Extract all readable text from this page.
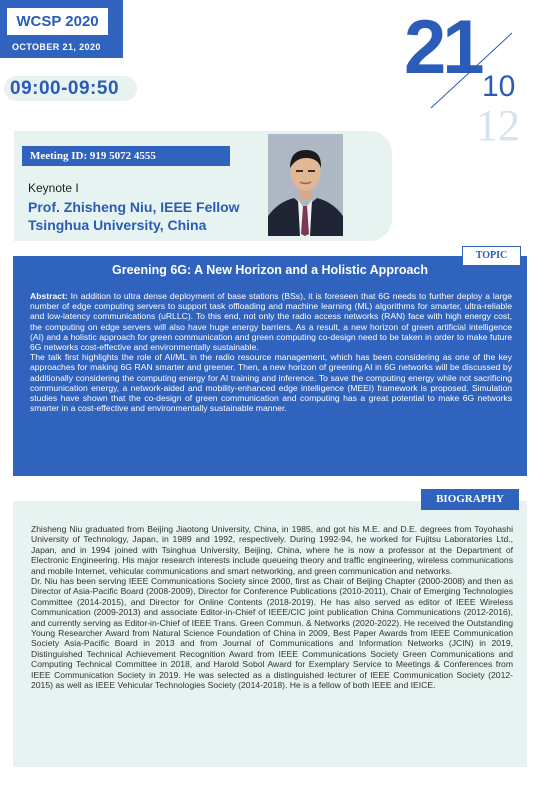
WCSP 2020
OCTOBER 21, 2020
09:00-09:50	21 10
12
Meeting ID: 919 5072 4555
Keynote I
Prof. Zhisheng Niu, IEEE Fellow
Tsinghua University, China
TOPIC
Greening 6G: A New Horizon and a Holistic Approach

Abstract: In addition to ultra dense deployment of base stations (BSs), it is foreseen that 6G needs to further deploy a large number of edge computing servers to support task offloading and machine learning (ML) algorithms for smarter, ultra-reliable and low-latency communications (uRLLC). To this end, not only the radio access networks (RAN) face with high energy cost, the computing on edge servers will also have huge energy barriers. As a result, a new horizon of green artificial intelligence (AI) and a holistic approach for green communication and green computing co-design need to be taken in order to make future 6G networks cost-effective and environmentally sustainable.

The talk first highlights the role of AI/ML in the radio resource management, which has been considering as one of the key approaches for making 6G RAN smarter and greener. Then, a new horizon of greening AI in 6G networks will be discussed by additionally considering the computing energy for AI training and inference. To save the computing energy while not sacrificing communication energy, a network-aided and mobility-enhanced edge intelligence (MEEI) framework is proposed. Simulation studies have shown that the co-design of green communication and computing has a great potential to make 6G networks smarter in a cost-effective and environmentally sustainable manner.

BIOGRAPHY

Zhisheng Niu graduated from Beijing Jiaotong University, China, in 1985, and got his M.E. and D.E. degrees from Toyohashi University of Technology, Japan, in 1989 and 1992, respectively. During 1992-94, he worked for Fujitsu Laboratories Ltd., Japan, and in 1994 joined with Tsinghua University, Beijing, China, where he is now a professor at the Department of Electronic Engineering. His major research interests include queueing theory and traffic engineering, wireless communications and mobile Internet, vehicular communications and smart networking, and green communication and networks.

Dr. Niu has been serving IEEE Communications Society since 2000, first as Chair of Beijing Chapter (2000-2008) and then as Director of Asia-Pacific Board (2008-2009), Director for Conference Publications (2010-2011), Chair of Emerging Technologies Committee (2014-2015), and Director for Online Contents (2018-2019). He has also served as editor of IEEE Wireless Communication (2009-2013) and associate Editor-in-Chief of IEEE/CIC joint publication China Communications (2012-2016), and currently serving as Editor-in-Chief of IEEE Trans. Green Commun. & Networks (2020-2022). He received the Outstanding Young Researcher Award from Natural Science Foundation of China in 2009, Best Paper Awards from IEEE Communication Society Asia-Pacific Board in 2013 and from Journal of Communications and Information Networks (JCIN) in 2019, Distinguished Technical Achievement Recognition Award from IEEE Communications Society Green Communications and Computing Technical Committee in 2018, and Harold Sobol Award for Exemplary Service to Meetings & Conferences from IEEE Communication Society in 2019. He was selected as a distinguished lecturer of IEEE Communication Society (2012-2015) as well as IEEE Vehicular Technologies Society (2014-2018). He is a fellow of both IEEE and IEICE.
